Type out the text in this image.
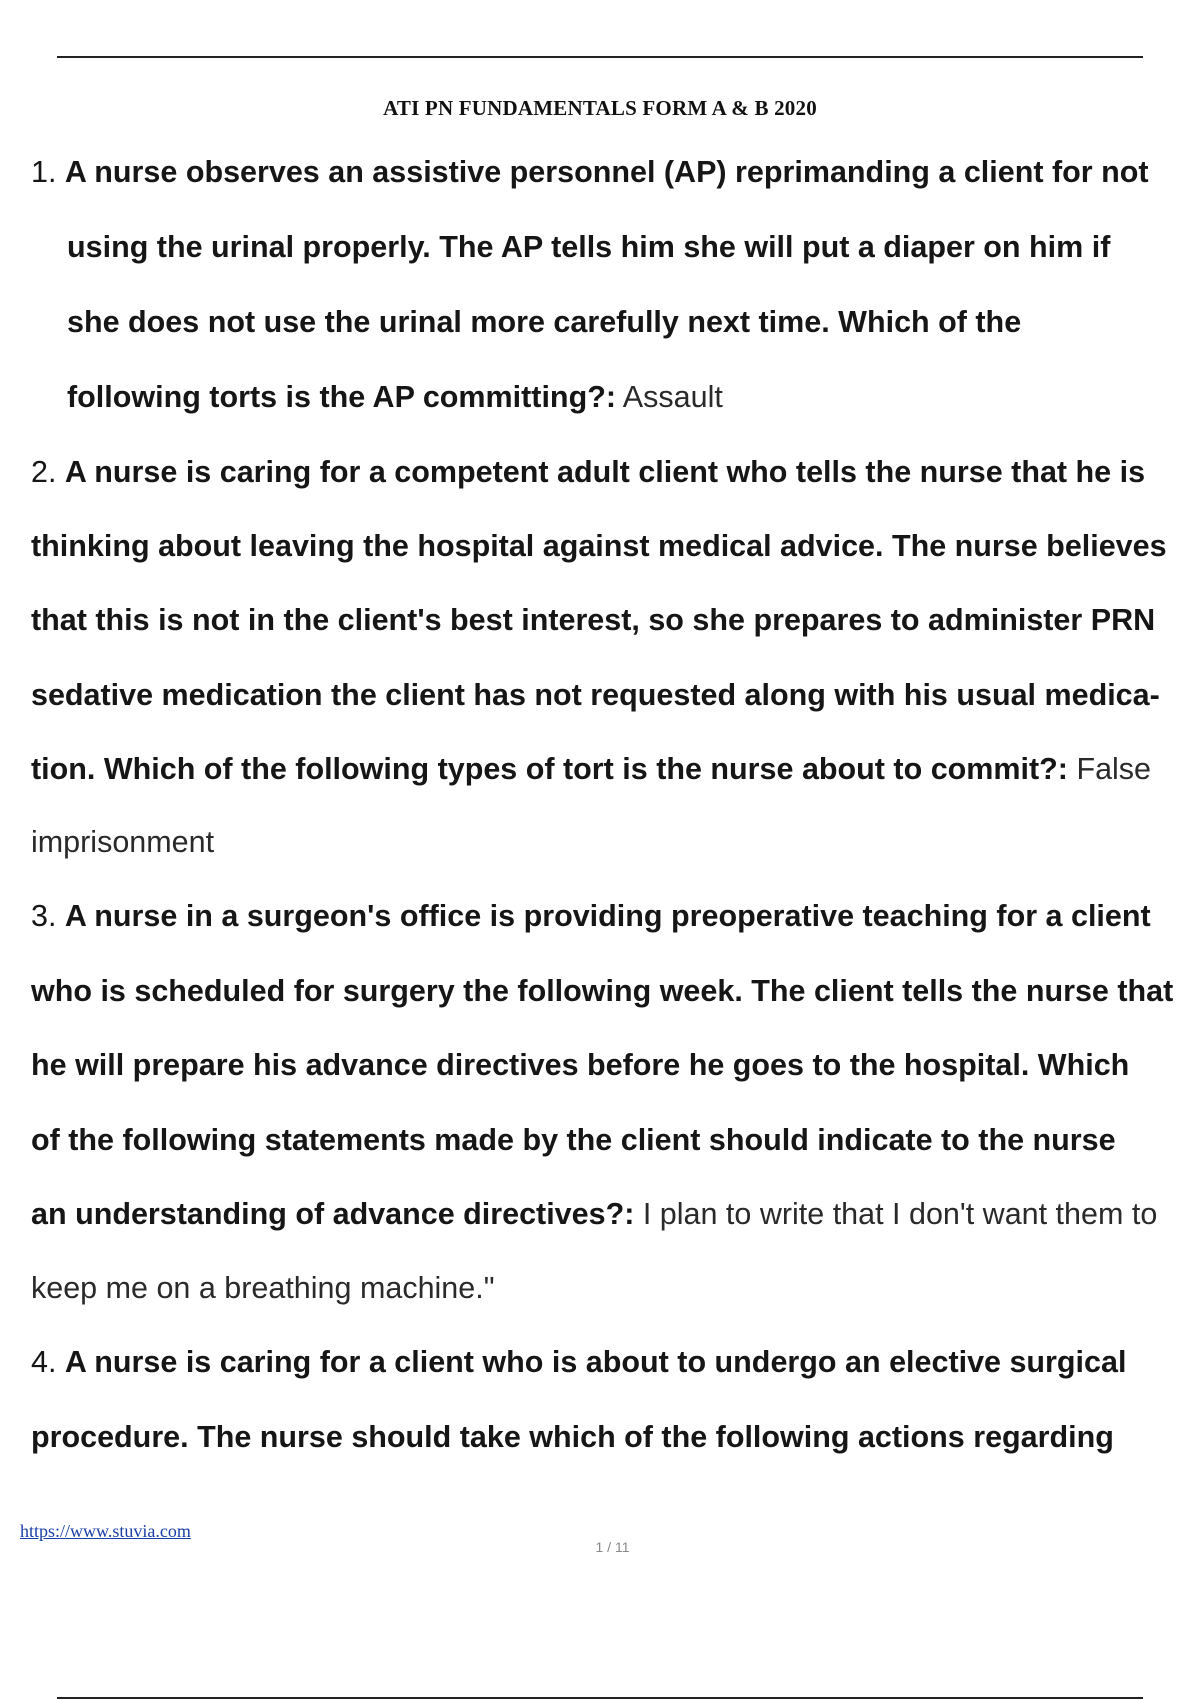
ATI PN FUNDAMENTALS FORM A & B 2020
1. A nurse observes an assistive personnel (AP) reprimanding a client for not
using the urinal properly. The AP tells him she will put a diaper on him if
she does not use the urinal more carefully next time. Which of the
following torts is the AP committing?: Assault
2. A nurse is caring for a competent adult client who tells the nurse that he is
thinking about leaving the hospital against medical advice. The nurse believes
that this is not in the client's best interest, so she prepares to administer PRN
sedative medication the client has not requested along with his usual medica-
tion. Which of the following types of tort is the nurse about to commit?: False
imprisonment
3. A nurse in a surgeon's office is providing preoperative teaching for a client
who is scheduled for surgery the following week. The client tells the nurse that
he will prepare his advance directives before he goes to the hospital. Which
of the following statements made by the client should indicate to the nurse
an understanding of advance directives?: I plan to write that I don't want them to
keep me on a breathing machine."
4. A nurse is caring for a client who is about to undergo an elective surgical
procedure. The nurse should take which of the following actions regarding
https://www.stuvia.com
1 / 11
